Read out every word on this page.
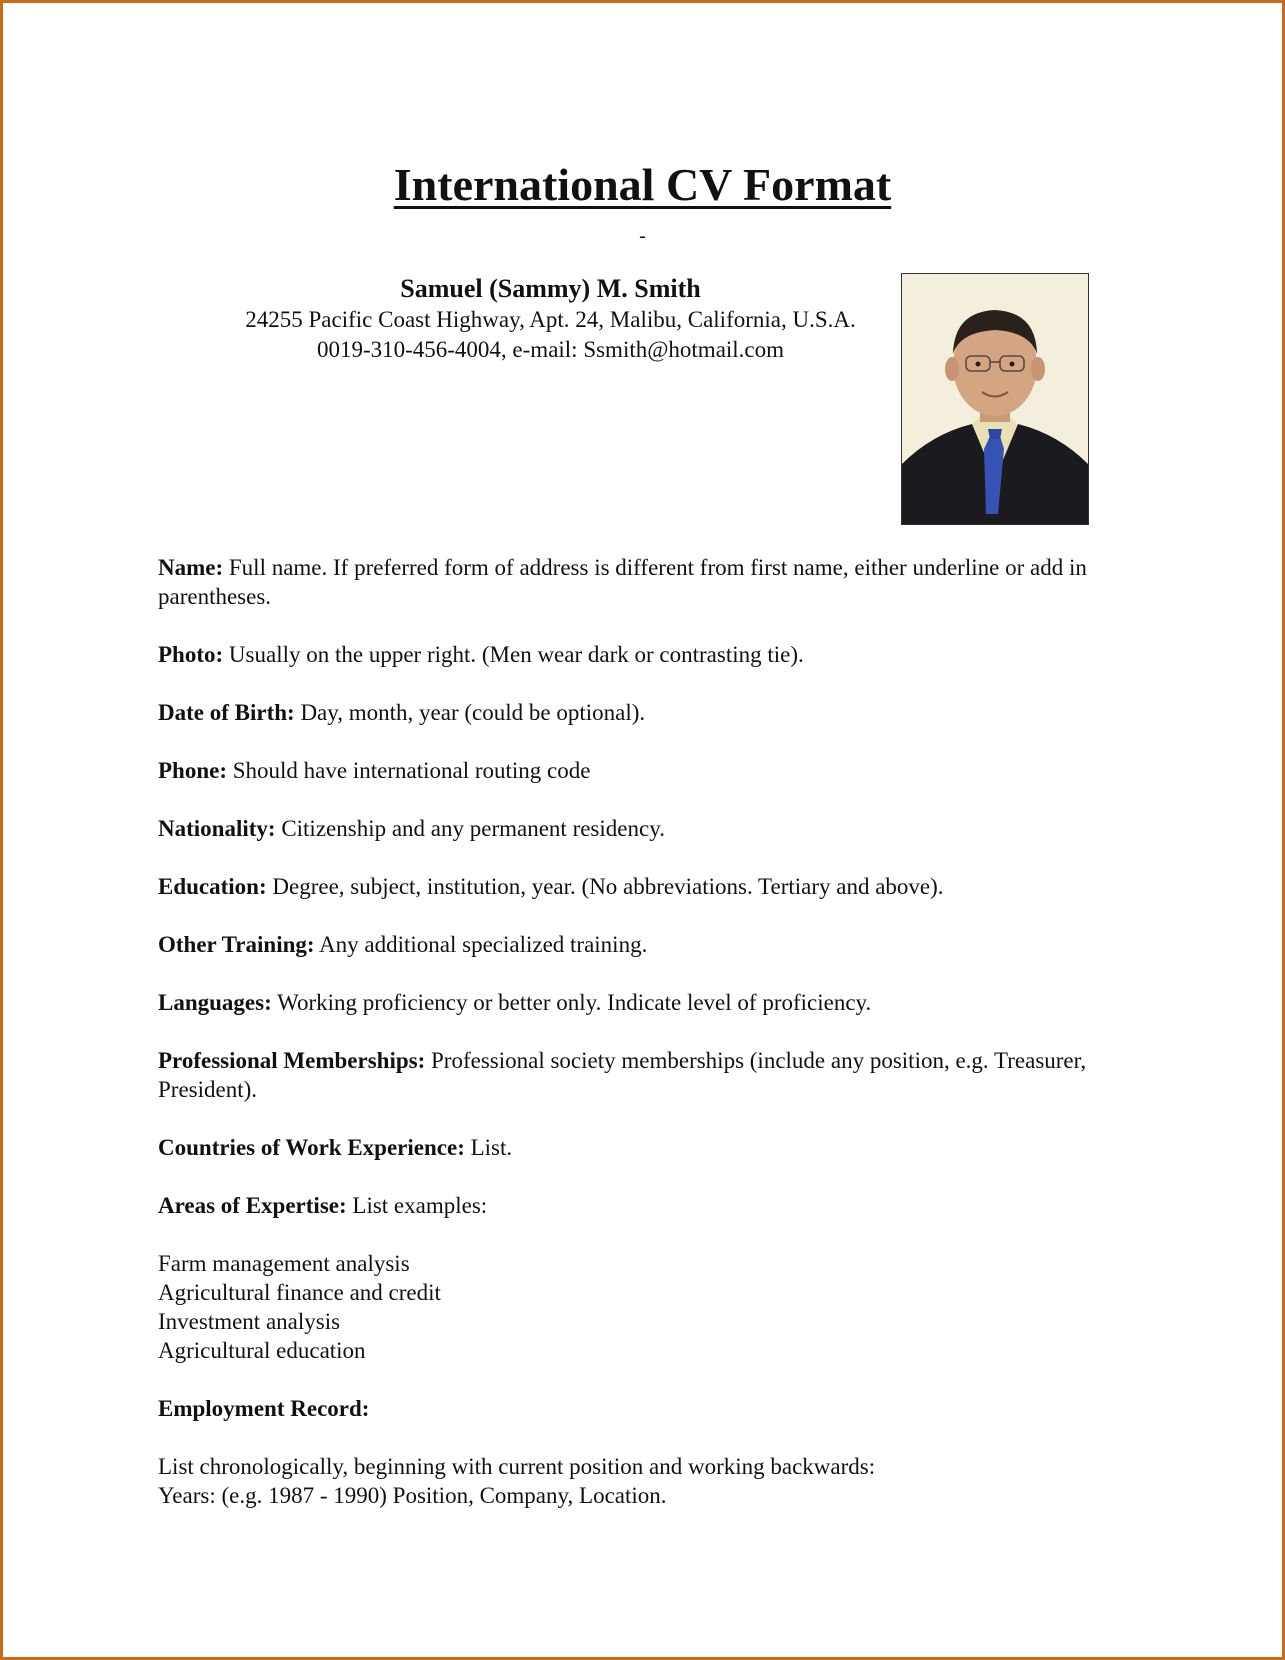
International CV Format
-
Samuel (Sammy) M. Smith
24255 Pacific Coast Highway, Apt. 24, Malibu, California, U.S.A.
0019-310-456-4004, e-mail: Ssmith@hotmail.com

Name: Full name. If preferred form of address is different from first name, either underline or add in parentheses.

Photo: Usually on the upper right. (Men wear dark or contrasting tie).

Date of Birth: Day, month, year (could be optional).

Phone: Should have international routing code

Nationality: Citizenship and any permanent residency.

Education: Degree, subject, institution, year. (No abbreviations. Tertiary and above).

Other Training: Any additional specialized training.

Languages: Working proficiency or better only. Indicate level of proficiency.

Professional Memberships: Professional society memberships (include any position, e.g. Treasurer, President).

Countries of Work Experience: List.

Areas of Expertise: List examples:

Farm management analysis
Agricultural finance and credit
Investment analysis
Agricultural education

Employment Record:

List chronologically, beginning with current position and working backwards:
Years: (e.g. 1987 - 1990) Position, Company, Location.
